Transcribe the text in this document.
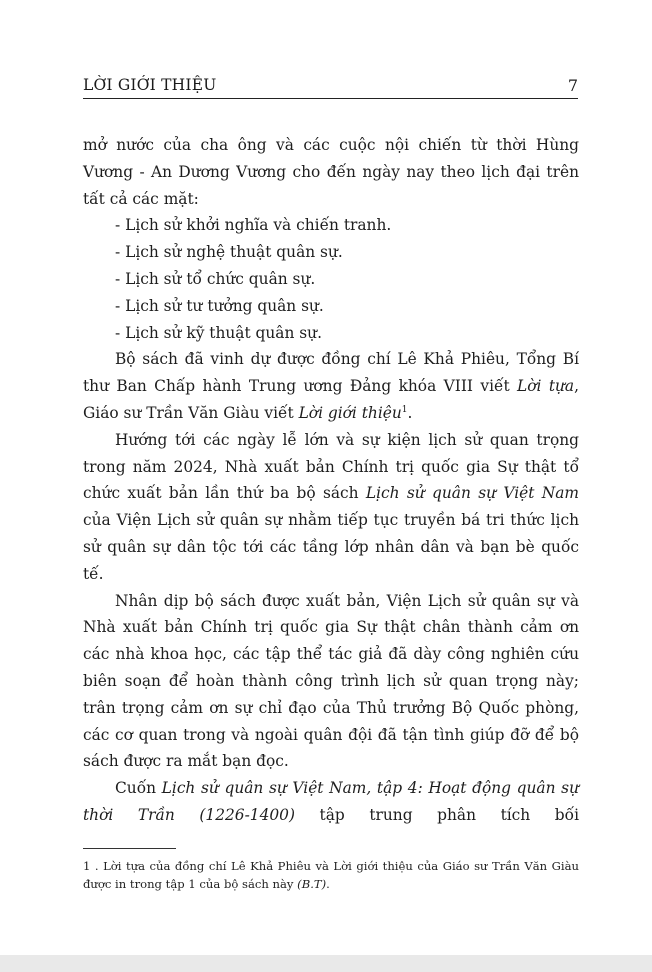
LỜI GIỚI THIỆU	7

mở nước của cha ông và các cuộc nội chiến từ thời Hùng Vương - An Dương Vương cho đến ngày nay theo lịch đại trên tất cả các mặt:

- Lịch sử khởi nghĩa và chiến tranh.

- Lịch sử nghệ thuật quân sự.

- Lịch sử tổ chức quân sự.

- Lịch sử tư tưởng quân sự.

- Lịch sử kỹ thuật quân sự.

Bộ sách đã vinh dự được đồng chí Lê Khả Phiêu, Tổng Bí thư Ban Chấp hành Trung ương Đảng khóa VIII viết Lời tựa, Giáo sư Trần Văn Giàu viết Lời giới thiệu$^1$.

Hướng tới các ngày lễ lớn và sự kiện lịch sử quan trọng trong năm 2024, Nhà xuất bản Chính trị quốc gia Sự thật tổ chức xuất bản lần thứ ba bộ sách Lịch sử quân sự Việt Nam của Viện Lịch sử quân sự nhằm tiếp tục truyền bá tri thức lịch sử quân sự dân tộc tới các tầng lớp nhân dân và bạn bè quốc tế.

Nhân dịp bộ sách được xuất bản, Viện Lịch sử quân sự và Nhà xuất bản Chính trị quốc gia Sự thật chân thành cảm ơn các nhà khoa học, các tập thể tác giả đã dày công nghiên cứu biên soạn để hoàn thành công trình lịch sử quan trọng này; trân trọng cảm ơn sự chỉ đạo của Thủ trưởng Bộ Quốc phòng, các cơ quan trong và ngoài quân đội đã tận tình giúp đỡ để bộ sách được ra mắt bạn đọc.

Cuốn Lịch sử quân sự Việt Nam, tập 4: Hoạt động quân sự thời Trần (1226-1400) tập trung phân tích bối

1 . Lời tựa của đồng chí Lê Khả Phiêu và Lời giới thiệu của Giáo sư Trần Văn Giàu được in trong tập 1 của bộ sách này (B.T).
